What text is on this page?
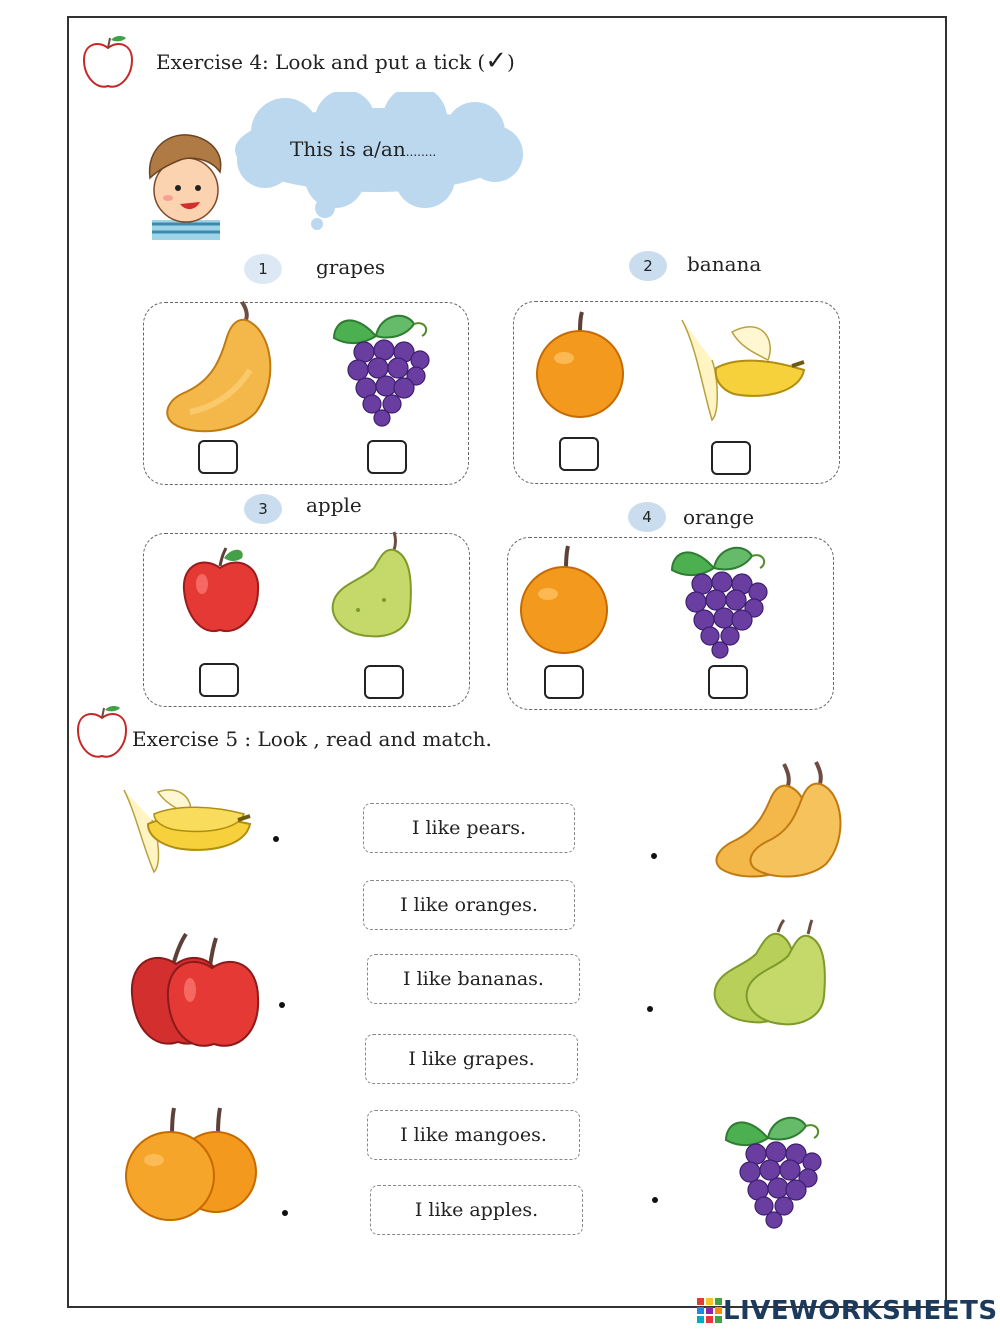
Exercise 4: Look and put a tick (✓)
This is a/an........
1	grapes	2	banana
3	apple	4	orange
Exercise 5 : Look , read and match.
I like pears.
I like oranges.
I like bananas.
I like grapes.
I like mangoes.
I like apples.
LIVEWORKSHEETS
